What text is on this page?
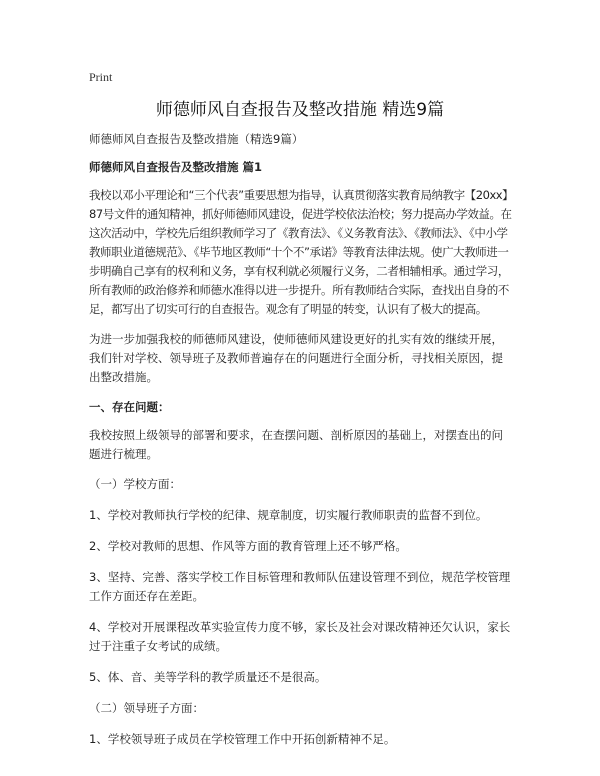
Print
师德师风自查报告及整改措施 精选9篇

师德师风自查报告及整改措施（精选9篇）

师德师风自查报告及整改措施 篇1

我校以邓小平理论和“三个代表”重要思想为指导，认真贯彻落实教育局纳教字【20xx】87号文件的通知精神，抓好师德师风建设，促进学校依法治校；努力提高办学效益。在这次活动中，学校先后组织教师学习了《教育法》、《义务教育法》、《教师法》、《中小学教师职业道德规范》、《毕节地区教师“十个不”承诺》等教育法律法规。使广大教师进一步明确自己享有的权利和义务，享有权利就必须履行义务，二者相辅相承。通过学习，所有教师的政治修养和师德水准得以进一步提升。所有教师结合实际，查找出自身的不足，都写出了切实可行的自查报告。观念有了明显的转变，认识有了极大的提高。

为进一步加强我校的师德师风建设，使师德师风建设更好的扎实有效的继续开展，我们针对学校、领导班子及教师普遍存在的问题进行全面分析，寻找相关原因，提出整改措施。

一、存在问题：

我校按照上级领导的部署和要求，在查摆问题、剖析原因的基础上，对摆查出的问题进行梳理。

（一）学校方面：

1、学校对教师执行学校的纪律、规章制度，切实履行教师职责的监督不到位。

2、学校对教师的思想、作风等方面的教育管理上还不够严格。

3、坚持、完善、落实学校工作目标管理和教师队伍建设管理不到位，规范学校管理工作方面还存在差距。

4、学校对开展课程改革实验宣传力度不够，家长及社会对课改精神还欠认识，家长过于注重子女考试的成绩。

5、体、音、美等学科的教学质量还不是很高。

（二）领导班子方面：

1、学校领导班子成员在学校管理工作中开拓创新精神不足。
